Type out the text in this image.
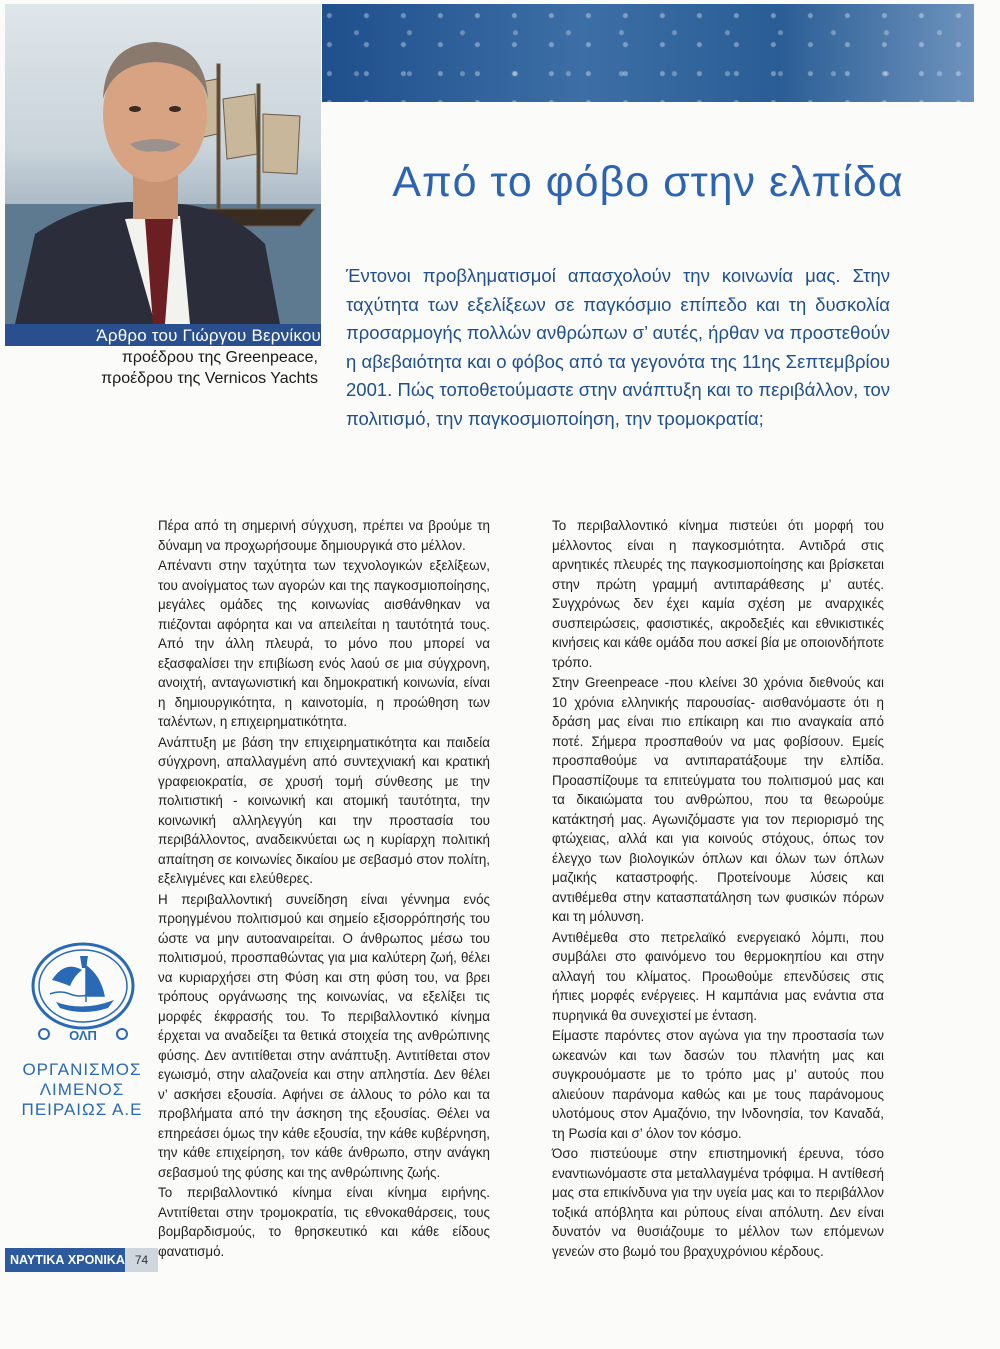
Άρθρο του Γιώργου Βερνίκου
προέδρου της Greenpeace,
προέδρου της Vernicos Yachts
Από το φόβο στην ελπίδα

Έντονοι προβληματισμοί απασχολούν την κοινωνία μας. Στην ταχύτητα των εξελίξεων σε παγκόσμιο επίπεδο και τη δυσκολία προσαρμογής πολλών ανθρώπων σ’ αυτές, ήρθαν να προστεθούν η αβεβαιότητα και ο φόβος από τα γεγονότα της 11ης Σεπτεμβρίου 2001. Πώς τοποθετούμαστε στην ανάπτυξη και το περιβάλλον, τον πολιτισμό, την παγκοσμιοποίηση, την τρομοκρατία;

Πέρα από τη σημερινή σύγχυση, πρέπει να βρούμε τη δύναμη να προχωρήσουμε δημιουργικά στο μέλλον.

Απέναντι στην ταχύτητα των τεχνολογικών εξελίξεων, του ανοίγματος των αγορών και της παγκοσμιοποίησης, μεγάλες ομάδες της κοινωνίας αισθάνθηκαν να πιέζονται αφόρητα και να απειλείται η ταυτότητά τους. Από την άλλη πλευρά, το μόνο που μπορεί να εξασφαλίσει την επιβίωση ενός λαού σε μια σύγχρονη, ανοιχτή, ανταγωνιστική και δημοκρατική κοινωνία, είναι η δημιουργικότητα, η καινοτομία, η προώθηση των ταλέντων, η επιχειρηματικότητα.

Ανάπτυξη με βάση την επιχειρηματικότητα και παιδεία σύγχρονη, απαλλαγμένη από συντεχνιακή και κρατική γραφειοκρατία, σε χρυσή τομή σύνθεσης με την πολιτιστική - κοινωνική και ατομική ταυτότητα, την κοινωνική αλληλεγγύη και την προστασία του περιβάλλοντος, αναδεικνύεται ως η κυρίαρχη πολιτική απαίτηση σε κοινωνίες δικαίου με σεβασμό στον πολίτη, εξελιγμένες και ελεύθερες.

Η περιβαλλοντική συνείδηση είναι γέννημα ενός προηγμένου πολιτισμού και σημείο εξισορρόπησής του ώστε να μην αυτοαναιρείται. Ο άνθρωπος μέσω του πολιτισμού, προσπαθώντας για μια καλύτερη ζωή, θέλει να κυριαρχήσει στη Φύση και στη φύση του, να βρει τρόπους οργάνωσης της κοινωνίας, να εξελίξει τις μορφές έκφρασής του. Το περιβαλλοντικό κίνημα έρχεται να αναδείξει τα θετικά στοιχεία της ανθρώπινης φύσης. Δεν αντιτίθεται στην ανάπτυξη. Αντιτίθεται στον εγωισμό, στην αλαζονεία και στην απληστία. Δεν θέλει ν’ ασκήσει εξουσία. Αφήνει σε άλλους το ρόλο και τα προβλήματα από την άσκηση της εξουσίας. Θέλει να επηρεάσει όμως την κάθε εξουσία, την κάθε κυβέρνηση, την κάθε επιχείρηση, τον κάθε άνθρωπο, στην ανάγκη σεβασμού της φύσης και της ανθρώπινης ζωής.

Το περιβαλλοντικό κίνημα είναι κίνημα ειρήνης. Αντιτίθεται στην τρομοκρατία, τις εθνοκαθάρσεις, τους βομβαρδισμούς, το θρησκευτικό και κάθε είδους φανατισμό.

Το περιβαλλοντικό κίνημα πιστεύει ότι μορφή του μέλλοντος είναι η παγκοσμιότητα. Αντιδρά στις αρνητικές πλευρές της παγκοσμιοποίησης και βρίσκεται στην πρώτη γραμμή αντιπαράθεσης μ’ αυτές. Συγχρόνως δεν έχει καμία σχέση με αναρχικές συσπειρώσεις, φασιστικές, ακροδεξιές και εθνικιστικές κινήσεις και κάθε ομάδα που ασκεί βία με οποιονδήποτε τρόπο.

Στην Greenpeace -που κλείνει 30 χρόνια διεθνούς και 10 χρόνια ελληνικής παρουσίας- αισθανόμαστε ότι η δράση μας είναι πιο επίκαιρη και πιο αναγκαία από ποτέ. Σήμερα προσπαθούν να μας φοβίσουν. Εμείς προσπαθούμε να αντιπαρατάξουμε την ελπίδα. Προασπίζουμε τα επιτεύγματα του πολιτισμού μας και τα δικαιώματα του ανθρώπου, που τα θεωρούμε κατάκτησή μας. Αγωνιζόμαστε για τον περιορισμό της φτώχειας, αλλά και για κοινούς στόχους, όπως τον έλεγχο των βιολογικών όπλων και όλων των όπλων μαζικής καταστροφής. Προτείνουμε λύσεις και αντιθέμεθα στην κατασπατάληση των φυσικών πόρων και τη μόλυνση.

Αντιθέμεθα στο πετρελαϊκό ενεργειακό λόμπι, που συμβάλει στο φαινόμενο του θερμοκηπίου και στην αλλαγή του κλίματος. Προωθούμε επενδύσεις στις ήπιες μορφές ενέργειες. Η καμπάνια μας ενάντια στα πυρηνικά θα συνεχιστεί με ένταση.

Είμαστε παρόντες στον αγώνα για την προστασία των ωκεανών και των δασών του πλανήτη μας και συγκρουόμαστε με το τρόπο μας μ’ αυτούς που αλιεύουν παράνομα καθώς και με τους παράνομους υλοτόμους στον Αμαζόνιο, την Ινδονησία, τον Καναδά, τη Ρωσία και σ’ όλον τον κόσμο.

Όσο πιστεύουμε στην επιστημονική έρευνα, τόσο εναντιωνόμαστε στα μεταλλαγμένα τρόφιμα. Η αντίθεσή μας στα επικίνδυνα για την υγεία μας και το περιβάλλον τοξικά απόβλητα και ρύπους είναι απόλυτη. Δεν είναι δυνατόν να θυσιάζουμε το μέλλον των επόμενων γενεών στο βωμό του βραχυχρόνιου κέρδους.

ΟΛΠ
ΟΡΓΑΝΙΣΜΟΣ
ΛΙΜΕΝΟΣ
ΠΕΙΡΑΙΩΣ Α.Ε
ΝΑΥΤΙΚΑ ΧΡΟΝΙΚΑ 74
